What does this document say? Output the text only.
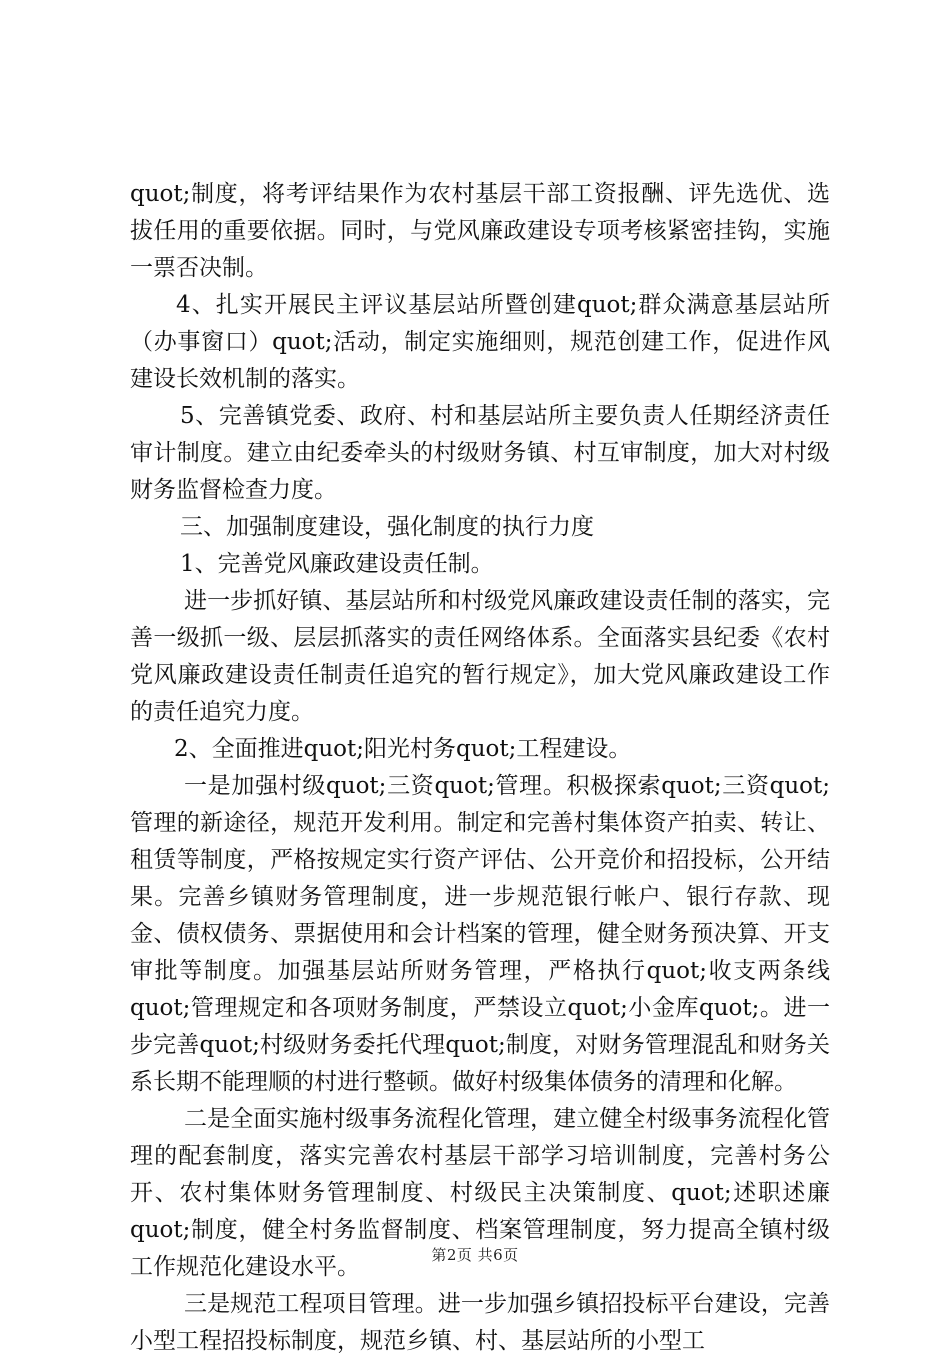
quot;制度，将考评结果作为农村基层干部工资报酬、评先选优、选拔任用的重要依据。同时，与党风廉政建设专项考核紧密挂钩，实施一票否决制。

4、扎实开展民主评议基层站所暨创建quot;群众满意基层站所（办事窗口）quot;活动，制定实施细则，规范创建工作，促进作风建设长效机制的落实。

5、完善镇党委、政府、村和基层站所主要负责人任期经济责任审计制度。建立由纪委牵头的村级财务镇、村互审制度，加大对村级财务监督检查力度。

三、加强制度建设，强化制度的执行力度

1、完善党风廉政建设责任制。

进一步抓好镇、基层站所和村级党风廉政建设责任制的落实，完善一级抓一级、层层抓落实的责任网络体系。全面落实县纪委《农村党风廉政建设责任制责任追究的暂行规定》，加大党风廉政建设工作的责任追究力度。

2、全面推进quot;阳光村务quot;工程建设。

一是加强村级quot;三资quot;管理。积极探索quot;三资quot;管理的新途径，规范开发利用。制定和完善村集体资产拍卖、转让、租赁等制度，严格按规定实行资产评估、公开竞价和招投标，公开结果。完善乡镇财务管理制度，进一步规范银行帐户、银行存款、现金、债权债务、票据使用和会计档案的管理，健全财务预决算、开支审批等制度。加强基层站所财务管理，严格执行quot;收支两条线quot;管理规定和各项财务制度，严禁设立quot;小金库quot;。进一步完善quot;村级财务委托代理quot;制度，对财务管理混乱和财务关系长期不能理顺的村进行整顿。做好村级集体债务的清理和化解。

二是全面实施村级事务流程化管理，建立健全村级事务流程化管理的配套制度，落实完善农村基层干部学习培训制度，完善村务公开、农村集体财务管理制度、村级民主决策制度、quot;述职述廉quot;制度，健全村务监督制度、档案管理制度，努力提高全镇村级工作规范化建设水平。

三是规范工程项目管理。进一步加强乡镇招投标平台建设，完善小型工程招投标制度，规范乡镇、村、基层站所的小型工

第2页 共6页
